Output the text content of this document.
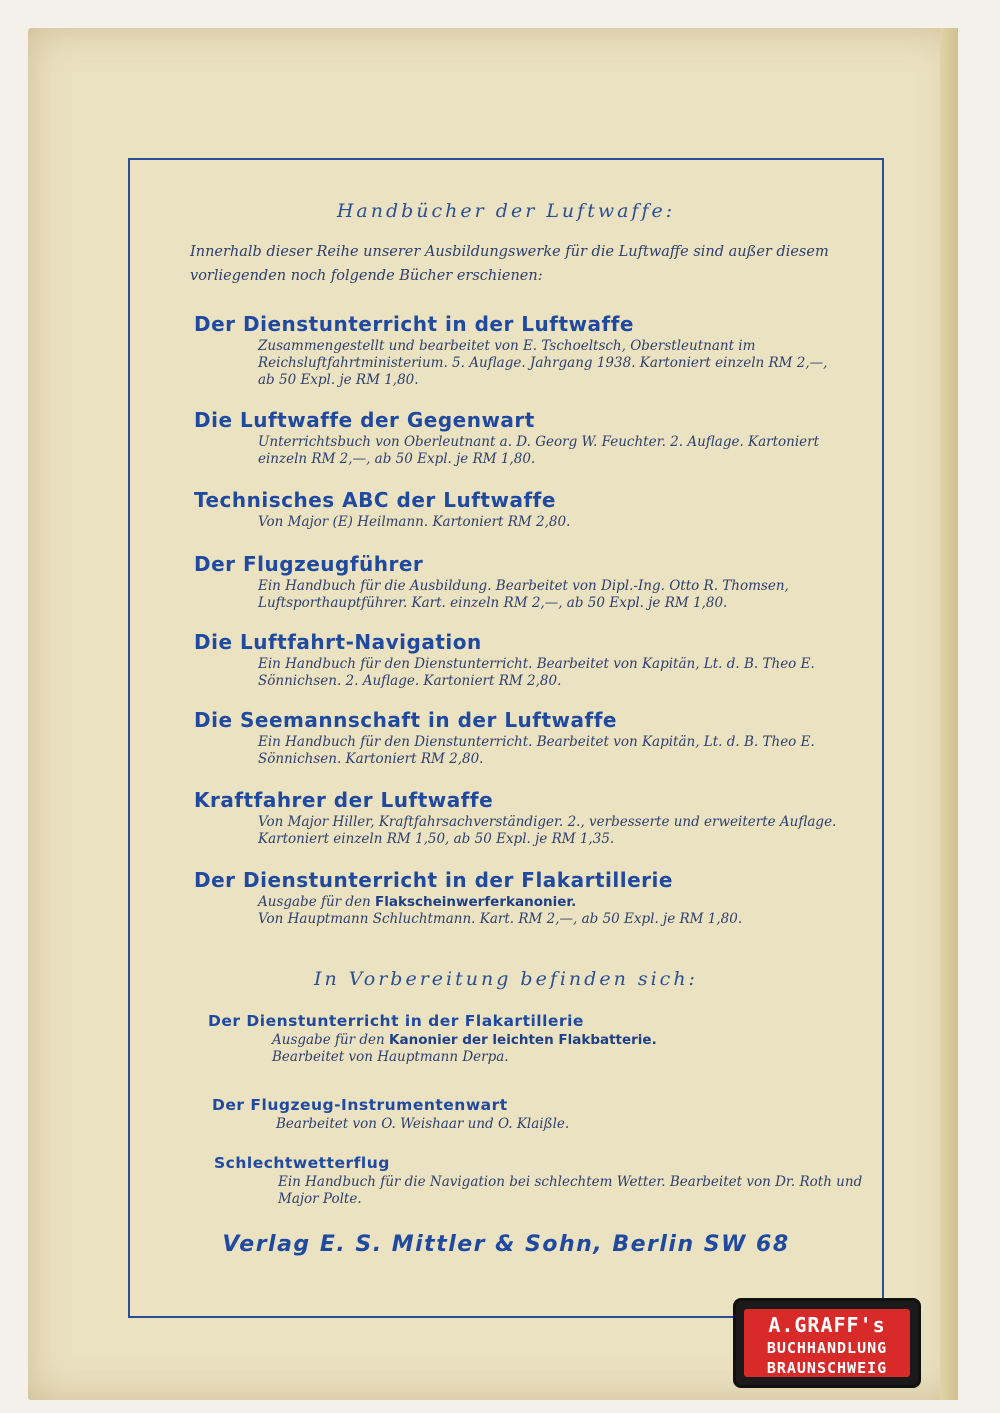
Handbücher der Luftwaffe:
Innerhalb dieser Reihe unserer Ausbildungswerke für die Luftwaffe sind außer diesem vorliegenden noch folgende Bücher erschienen:
Der Dienstunterricht in der Luftwaffe
Zusammengestellt und bearbeitet von E. Tschoeltsch, Oberstleutnant im Reichsluftfahrtministerium. 5. Auflage. Jahrgang 1938. Kartoniert einzeln RM 2,—, ab 50 Expl. je RM 1,80.
Die Luftwaffe der Gegenwart
Unterrichtsbuch von Oberleutnant a. D. Georg W. Feuchter. 2. Auflage. Kartoniert einzeln RM 2,—, ab 50 Expl. je RM 1,80.
Technisches ABC der Luftwaffe
Von Major (E) Heilmann. Kartoniert RM 2,80.
Der Flugzeugführer
Ein Handbuch für die Ausbildung. Bearbeitet von Dipl.-Ing. Otto R. Thomsen, Luftsporthauptführer. Kart. einzeln RM 2,—, ab 50 Expl. je RM 1,80.
Die Luftfahrt-Navigation
Ein Handbuch für den Dienstunterricht. Bearbeitet von Kapitän, Lt. d. B. Theo E. Sönnichsen. 2. Auflage. Kartoniert RM 2,80.
Die Seemannschaft in der Luftwaffe
Ein Handbuch für den Dienstunterricht. Bearbeitet von Kapitän, Lt. d. B. Theo E. Sönnichsen. Kartoniert RM 2,80.
Kraftfahrer der Luftwaffe
Von Major Hiller, Kraftfahrsachverständiger. 2., verbesserte und erweiterte Auflage. Kartoniert einzeln RM 1,50, ab 50 Expl. je RM 1,35.
Der Dienstunterricht in der Flakartillerie
Ausgabe für den Flakscheinwerferkanonier.
Von Hauptmann Schluchtmann. Kart. RM 2,—, ab 50 Expl. je RM 1,80.
In Vorbereitung befinden sich:
Der Dienstunterricht in der Flakartillerie
Ausgabe für den Kanonier der leichten Flakbatterie.
Bearbeitet von Hauptmann Derpa.
Der Flugzeug-Instrumentenwart
Bearbeitet von O. Weishaar und O. Klaißle.
Schlechtwetterflug
Ein Handbuch für die Navigation bei schlechtem Wetter. Bearbeitet von Dr. Roth und Major Polte.
Verlag E. S. Mittler & Sohn, Berlin SW 68
A.GRAFF's
BUCHHANDLUNG
BRAUNSCHWEIG
